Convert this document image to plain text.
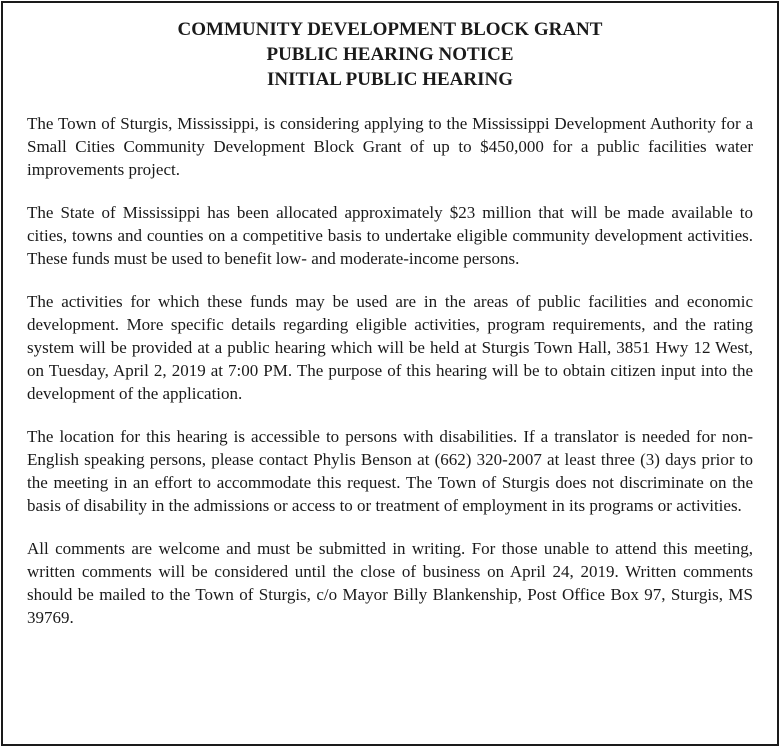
COMMUNITY DEVELOPMENT BLOCK GRANT
PUBLIC HEARING NOTICE
INITIAL PUBLIC HEARING

The Town of Sturgis, Mississippi, is considering applying to the Mississippi Development Authority for a Small Cities Community Development Block Grant of up to $450,000 for a public facilities water improvements project.

The State of Mississippi has been allocated approximately $23 million that will be made available to cities, towns and counties on a competitive basis to undertake eligible community development activities. These funds must be used to benefit low- and moderate-income persons.

The activities for which these funds may be used are in the areas of public facilities and economic development. More specific details regarding eligible activities, program requirements, and the rating system will be provided at a public hearing which will be held at Sturgis Town Hall, 3851 Hwy 12 West, on Tuesday, April 2, 2019 at 7:00 PM. The purpose of this hearing will be to obtain citizen input into the development of the application.

The location for this hearing is accessible to persons with disabilities. If a translator is needed for non-English speaking persons, please contact Phylis Benson at (662) 320-2007 at least three (3) days prior to the meeting in an effort to accommodate this request. The Town of Sturgis does not discriminate on the basis of disability in the admissions or access to or treatment of employment in its programs or activities.

All comments are welcome and must be submitted in writing. For those unable to attend this meeting, written comments will be considered until the close of business on April 24, 2019. Written comments should be mailed to the Town of Sturgis, c/o Mayor Billy Blankenship, Post Office Box 97, Sturgis, MS 39769.
